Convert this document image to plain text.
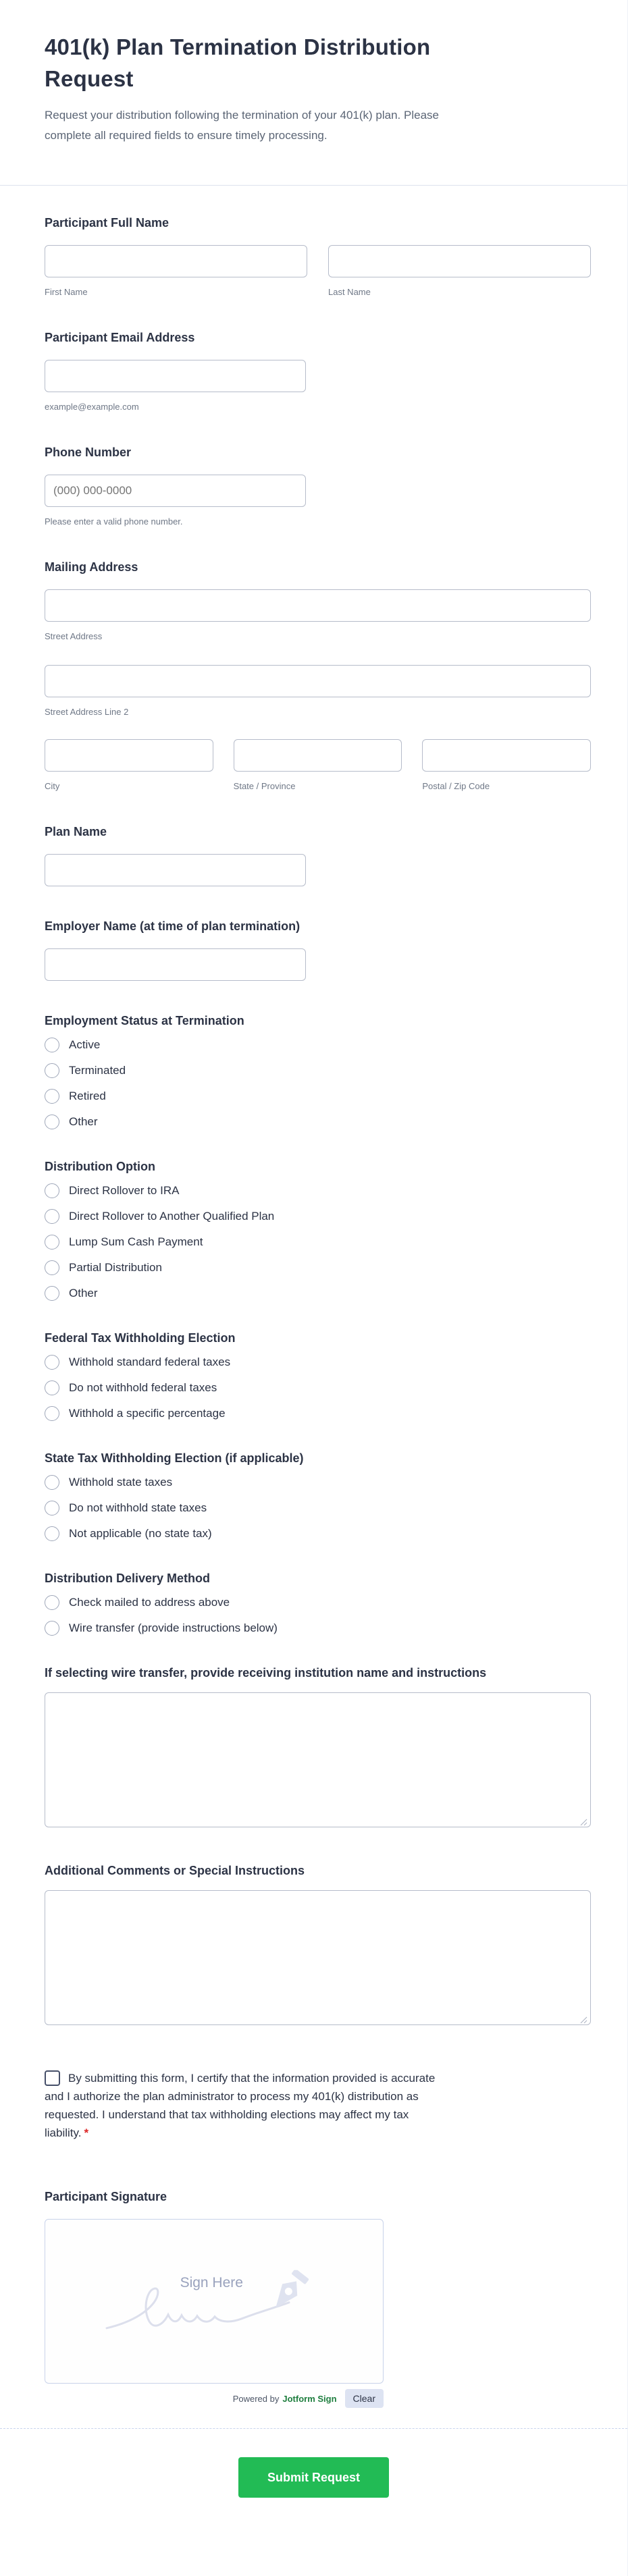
401(k) Plan Termination Distribution
Request

Request your distribution following the termination of your 401(k) plan. Please
complete all required fields to ensure timely processing.

Participant Full Name
First Name	Last Name
Participant Email Address
example@example.com
Phone Number
(000) 000-0000
Please enter a valid phone number.
Mailing Address
Street Address
Street Address Line 2
City	State / Province	Postal / Zip Code
Plan Name
Employer Name (at time of plan termination)
Employment Status at Termination
Active
Terminated
Retired
Other
Distribution Option
Direct Rollover to IRA
Direct Rollover to Another Qualified Plan
Lump Sum Cash Payment
Partial Distribution
Other
Federal Tax Withholding Election
Withhold standard federal taxes
Do not withhold federal taxes
Withhold a specific percentage
State Tax Withholding Election (if applicable)
Withhold state taxes
Do not withhold state taxes
Not applicable (no state tax)
Distribution Delivery Method
Check mailed to address above
Wire transfer (provide instructions below)
If selecting wire transfer, provide receiving institution name and instructions
Additional Comments or Special Instructions
By submitting this form, I certify that the information provided is accurate and I authorize the plan administrator to process my 401(k) distribution as requested. I understand that tax withholding elections may affect my tax liability. *
Participant Signature
Sign Here
Powered by Jotform Sign	Clear
Submit Request
